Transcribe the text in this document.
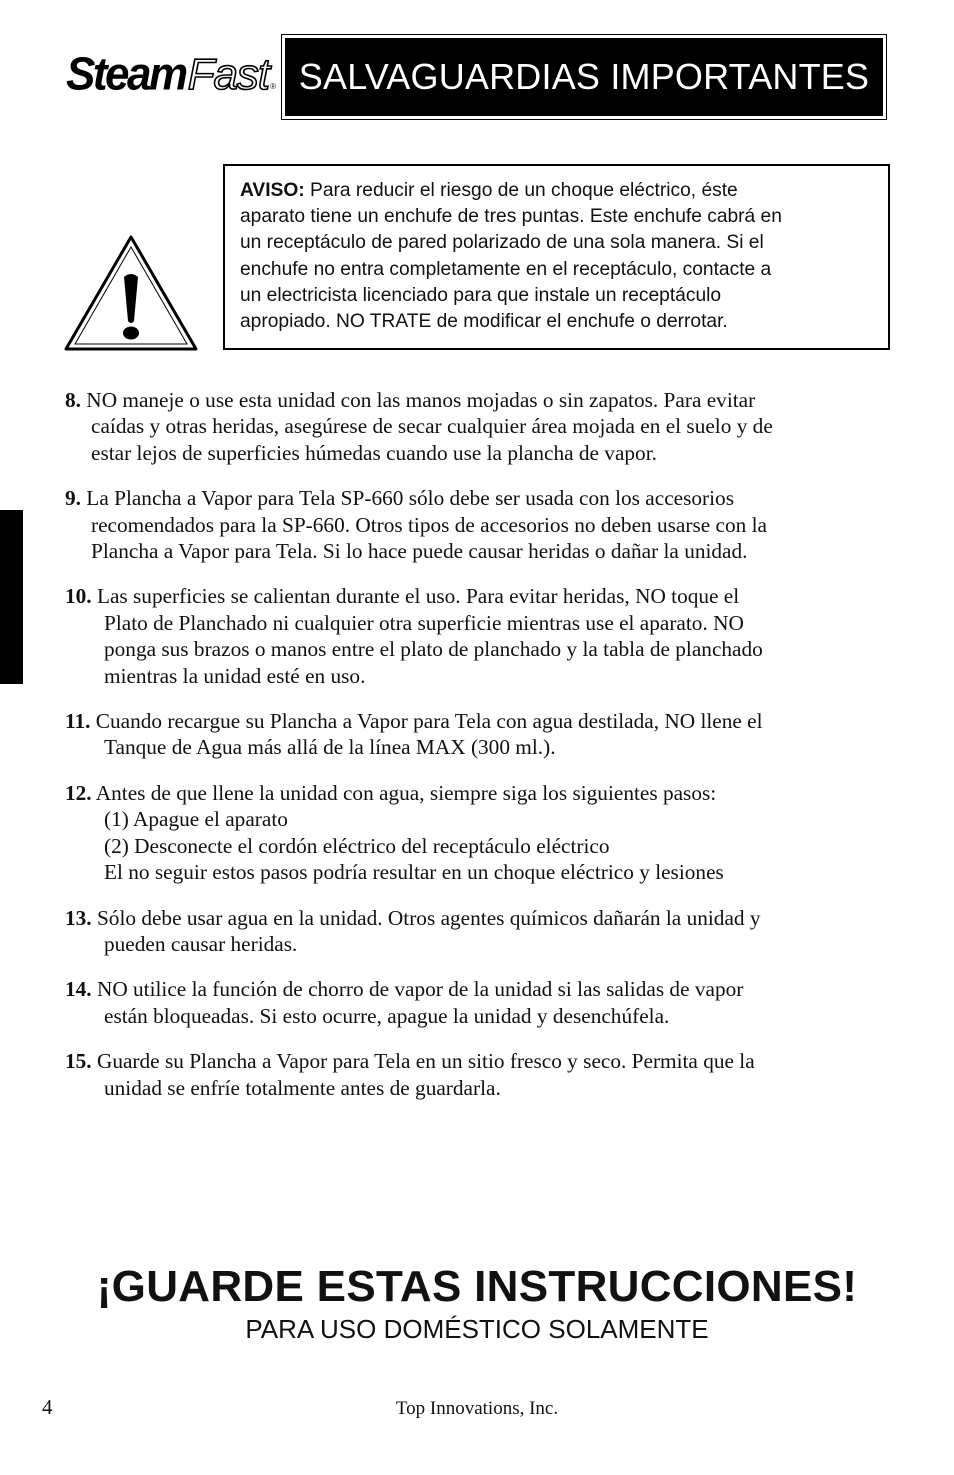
Steam Fast ® SALVAGUARDIAS IMPORTANTES
AVISO: Para reducir el riesgo de un choque eléctrico, éste
aparato tiene un enchufe de tres puntas. Este enchufe cabrá en
un receptáculo de pared polarizado de una sola manera. Si el
enchufe no entra completamente en el receptáculo, contacte a
un electricista licenciado para que instale un receptáculo
apropiado. NO TRATE de modificar el enchufe o derrotar.
8. NO maneje o use esta unidad con las manos mojadas o sin zapatos. Para evitar
caídas y otras heridas, asegúrese de secar cualquier área mojada en el suelo y de
estar lejos de superficies húmedas cuando use la plancha de vapor.
9. La Plancha a Vapor para Tela SP-660 sólo debe ser usada con los accesorios
recomendados para la SP-660. Otros tipos de accesorios no deben usarse con la
Plancha a Vapor para Tela. Si lo hace puede causar heridas o dañar la unidad.
10. Las superficies se calientan durante el uso. Para evitar heridas, NO toque el
Plato de Planchado ni cualquier otra superficie mientras use el aparato. NO
ponga sus brazos o manos entre el plato de planchado y la tabla de planchado
mientras la unidad esté en uso.
11. Cuando recargue su Plancha a Vapor para Tela con agua destilada, NO llene el
Tanque de Agua más allá de la línea MAX (300 ml.).
12. Antes de que llene la unidad con agua, siempre siga los siguientes pasos:
(1) Apague el aparato
(2) Desconecte el cordón eléctrico del receptáculo eléctrico
El no seguir estos pasos podría resultar en un choque eléctrico y lesiones
13. Sólo debe usar agua en la unidad. Otros agentes químicos dañarán la unidad y
pueden causar heridas.
14. NO utilice la función de chorro de vapor de la unidad si las salidas de vapor
están bloqueadas. Si esto ocurre, apague la unidad y desenchúfela.
15. Guarde su Plancha a Vapor para Tela en un sitio fresco y seco. Permita que la
unidad se enfríe totalmente antes de guardarla.
¡GUARDE ESTAS INSTRUCCIONES!
PARA USO DOMÉSTICO SOLAMENTE
4	Top Innovations, Inc.
